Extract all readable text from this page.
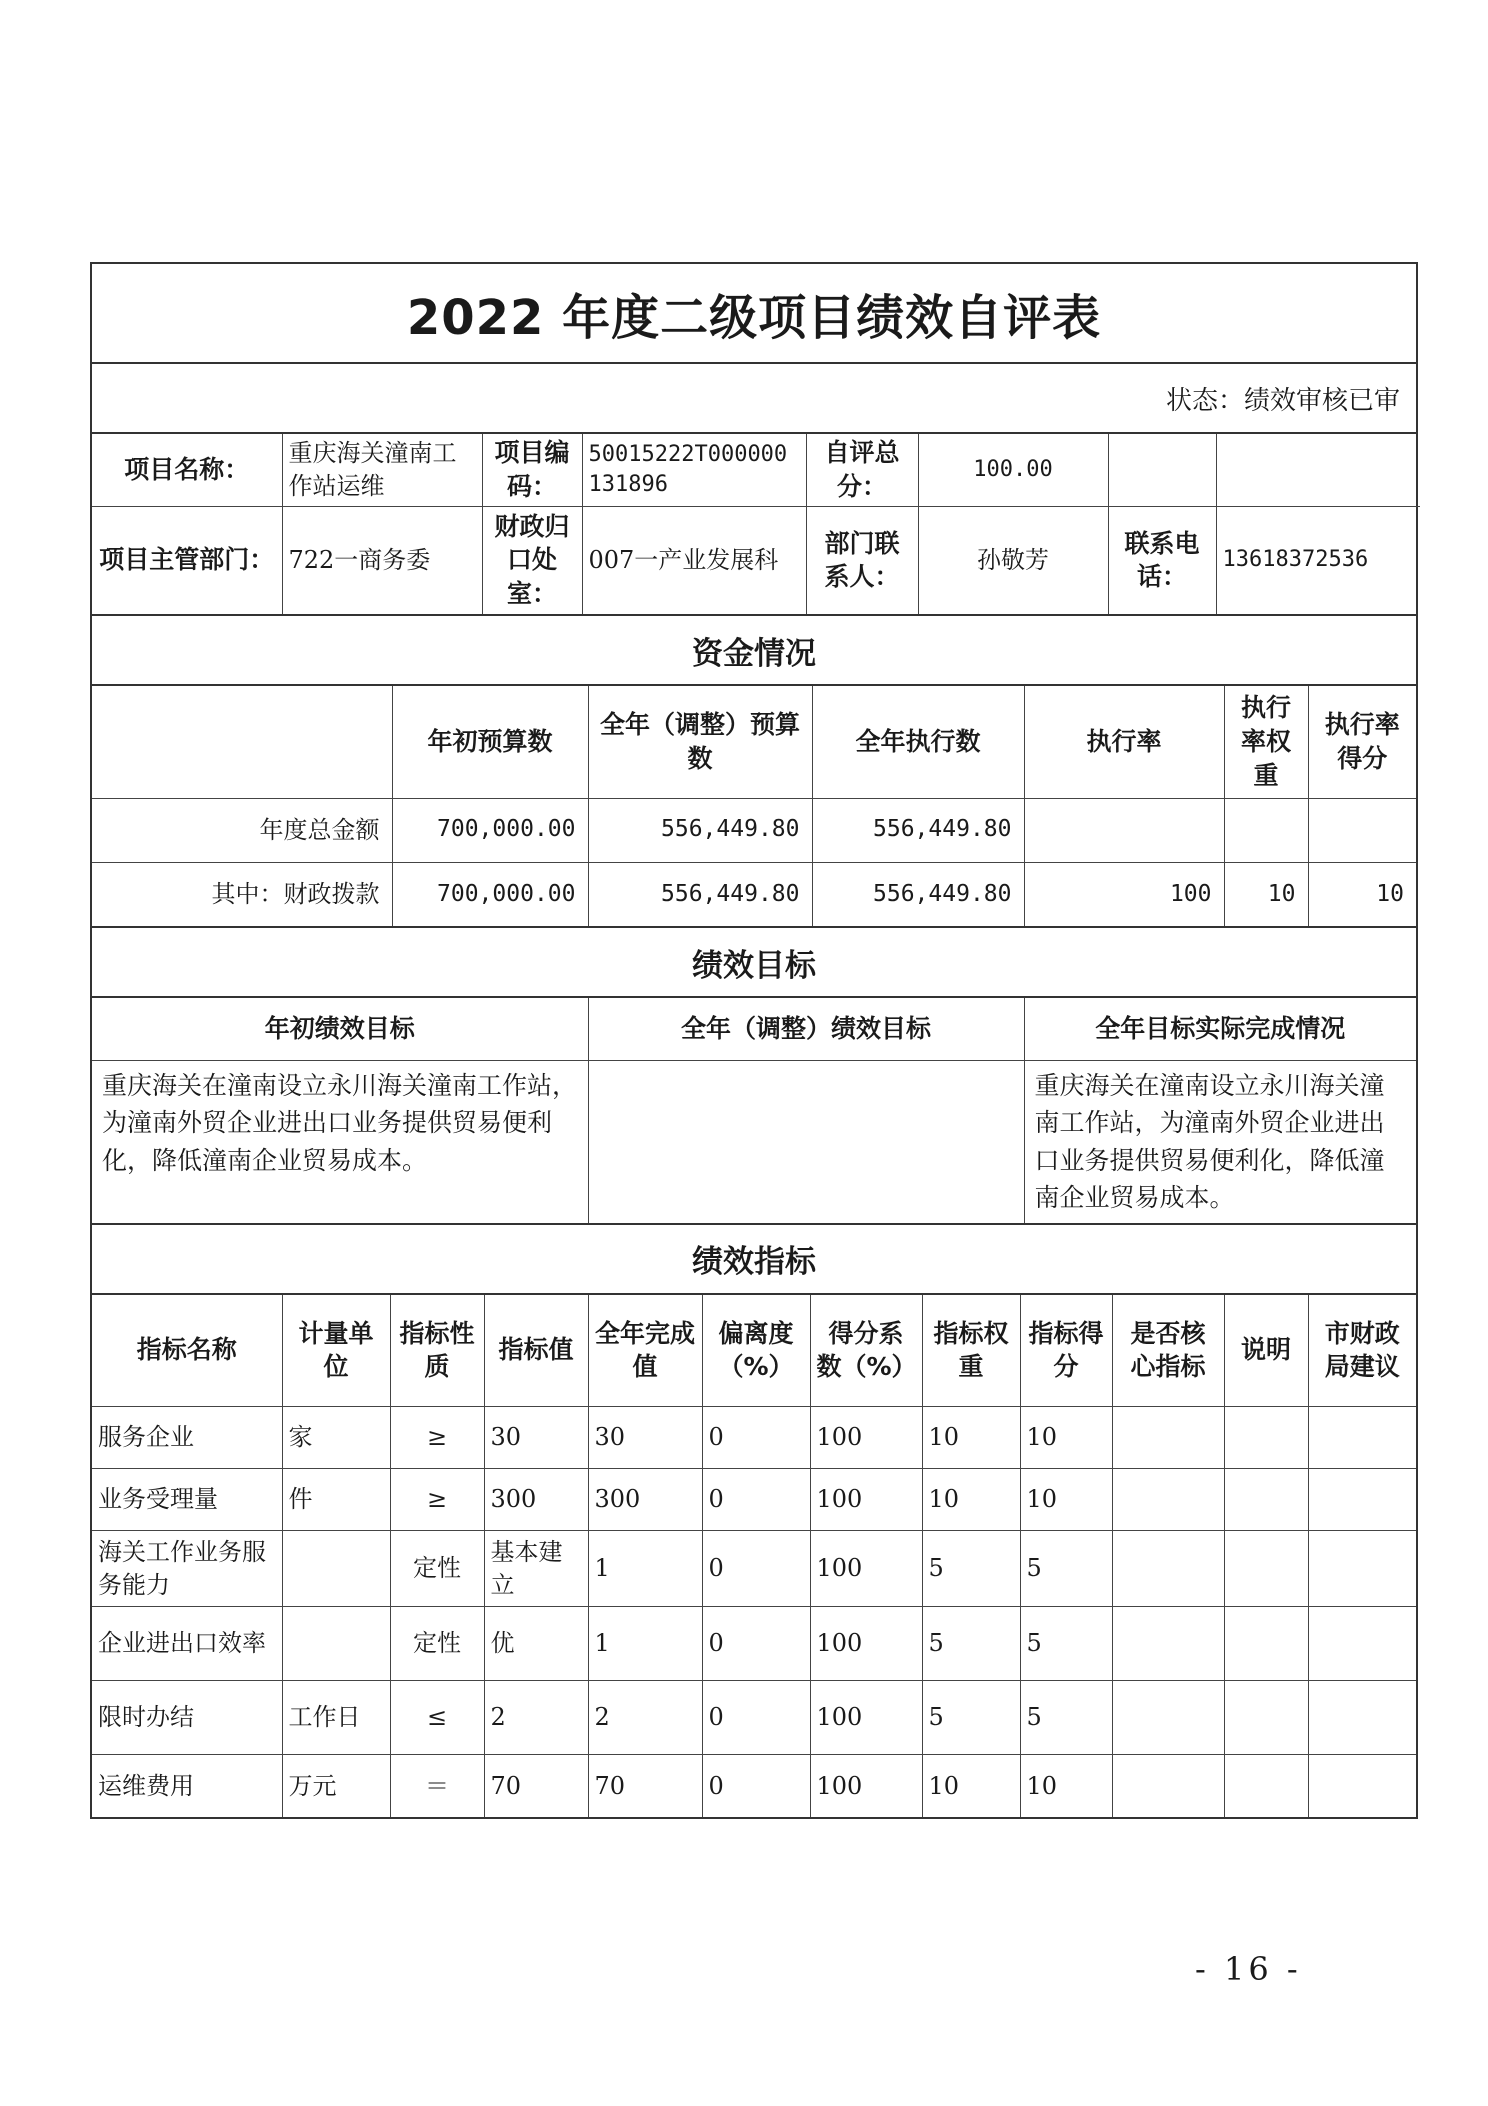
2022 年度二级项目绩效自评表
状态：绩效审核已审
项目名称：	重庆海关潼南工作站运维	项目编码：	50015222T000000131896	自评总分：	100.00		
项目主管部门：	722一商务委	财政归口处室：	007一产业发展科	部门联系人：	孙敬芳	联系电话：	13618372536
资金情况
	年初预算数	全年（调整）预算数	全年执行数	执行率	执行率权重	执行率得分
年度总金额	700,000.00	556,449.80	556,449.80			
其中：财政拨款	700,000.00	556,449.80	556,449.80	100	10	10
绩效目标
年初绩效目标	全年（调整）绩效目标	全年目标实际完成情况
重庆海关在潼南设立永川海关潼南工作站，为潼南外贸企业进出口业务提供贸易便利化，降低潼南企业贸易成本。		重庆海关在潼南设立永川海关潼南工作站，为潼南外贸企业进出口业务提供贸易便利化，降低潼南企业贸易成本。
绩效指标
指标名称	计量单位	指标性质	指标值	全年完成值	偏离度（%）	得分系数（%）	指标权重	指标得分	是否核心指标	说明	市财政局建议
服务企业	家	≥	30	30	0	100	10	10			
业务受理量	件	≥	300	300	0	100	10	10			
海关工作业务服务能力		定性	基本建立	1	0	100	5	5			
企业进出口效率		定性	优	1	0	100	5	5			
限时办结	工作日	≤	2	2	0	100	5	5			
运维费用	万元	＝	70	70	0	100	10	10			
- 16 -
